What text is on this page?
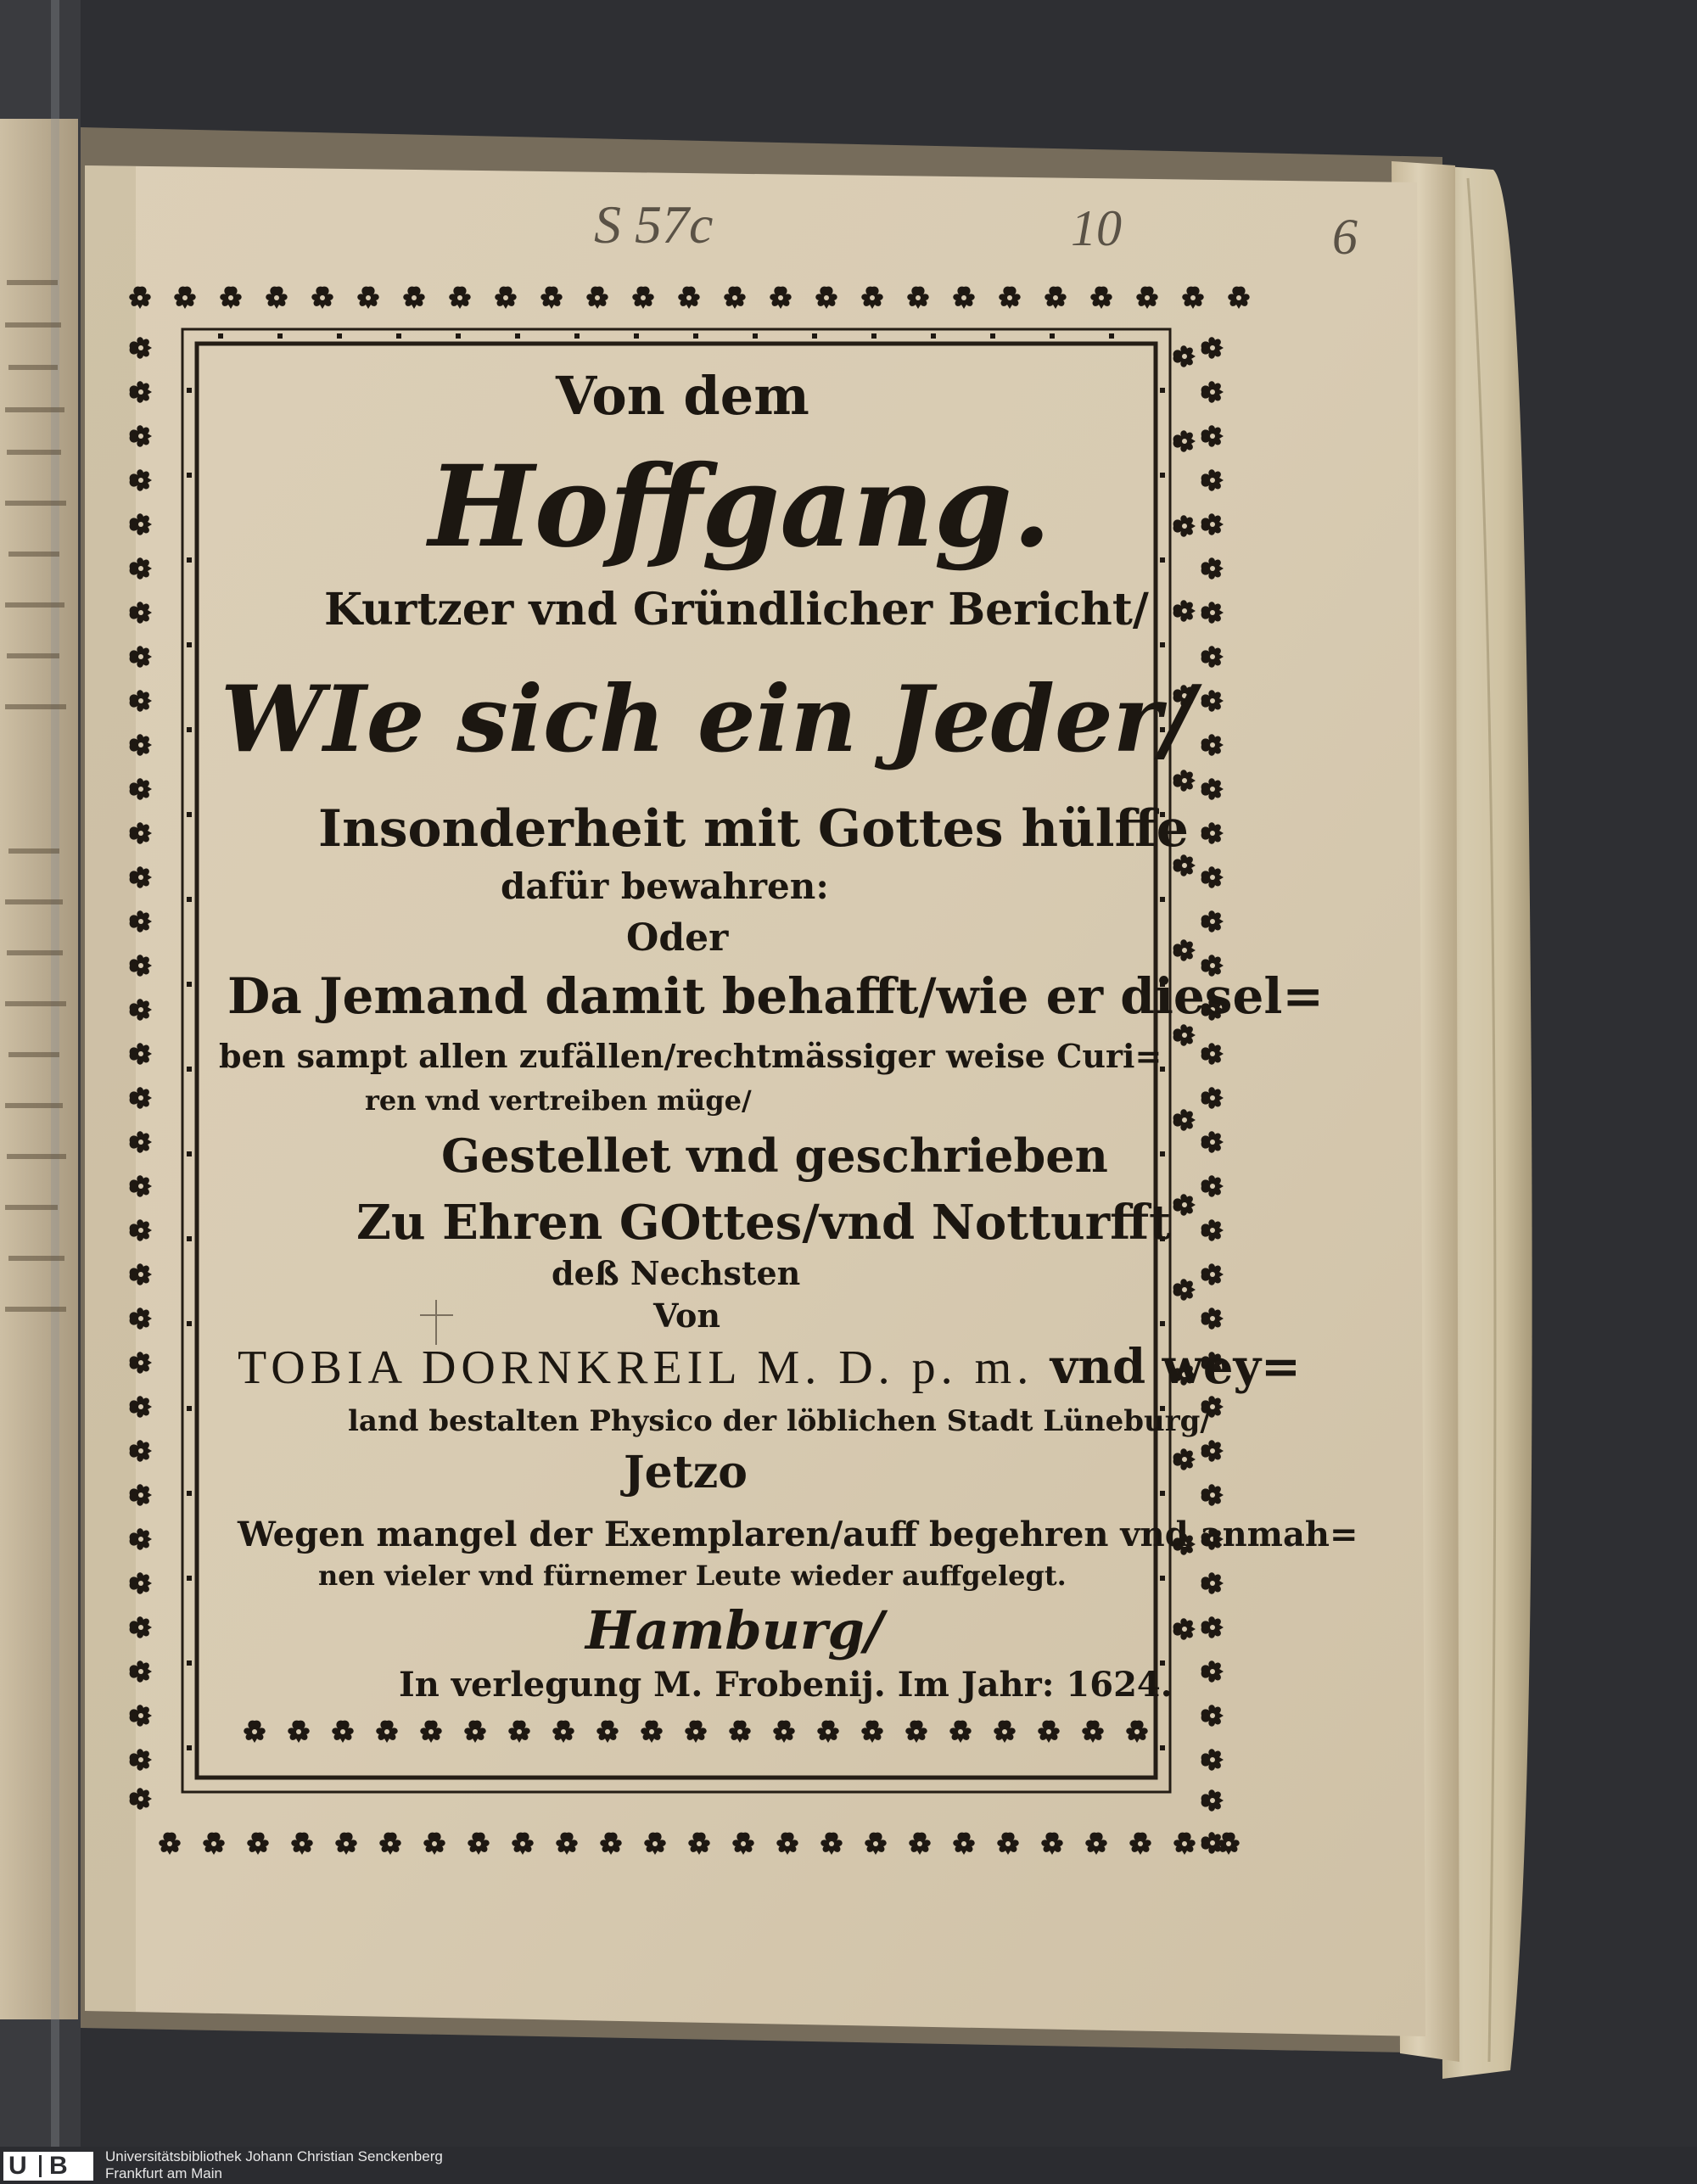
S 57c	10	6
Von dem
Hoffgang.
Kurtzer vnd Gründlicher Bericht/
WIe sich ein Jeder/
Insonderheit mit Gottes hülffe
dafür bewahren:
Oder
Da Jemand damit behafft/wie er diesel=
ben sampt allen zufällen/rechtmässiger weise Curi=
ren vnd vertreiben müge/
Gestellet vnd geschrieben
Zu Ehren GOttes/vnd Notturfft
deß Nechsten
Von
TOBIA DORNKREIL M. D. p. m. vnd wey=
land bestalten Physico der löblichen Stadt Lüneburg/
Jetzo
Wegen mangel der Exemplaren/auff begehren vnd anmah=
nen vieler vnd fürnemer Leute wieder auffgelegt.
Hamburg/
In verlegung M. Frobenij. Im Jahr: 1624.
U B	Universitätsbibliothek Johann Christian Senckenberg
Frankfurt am Main
